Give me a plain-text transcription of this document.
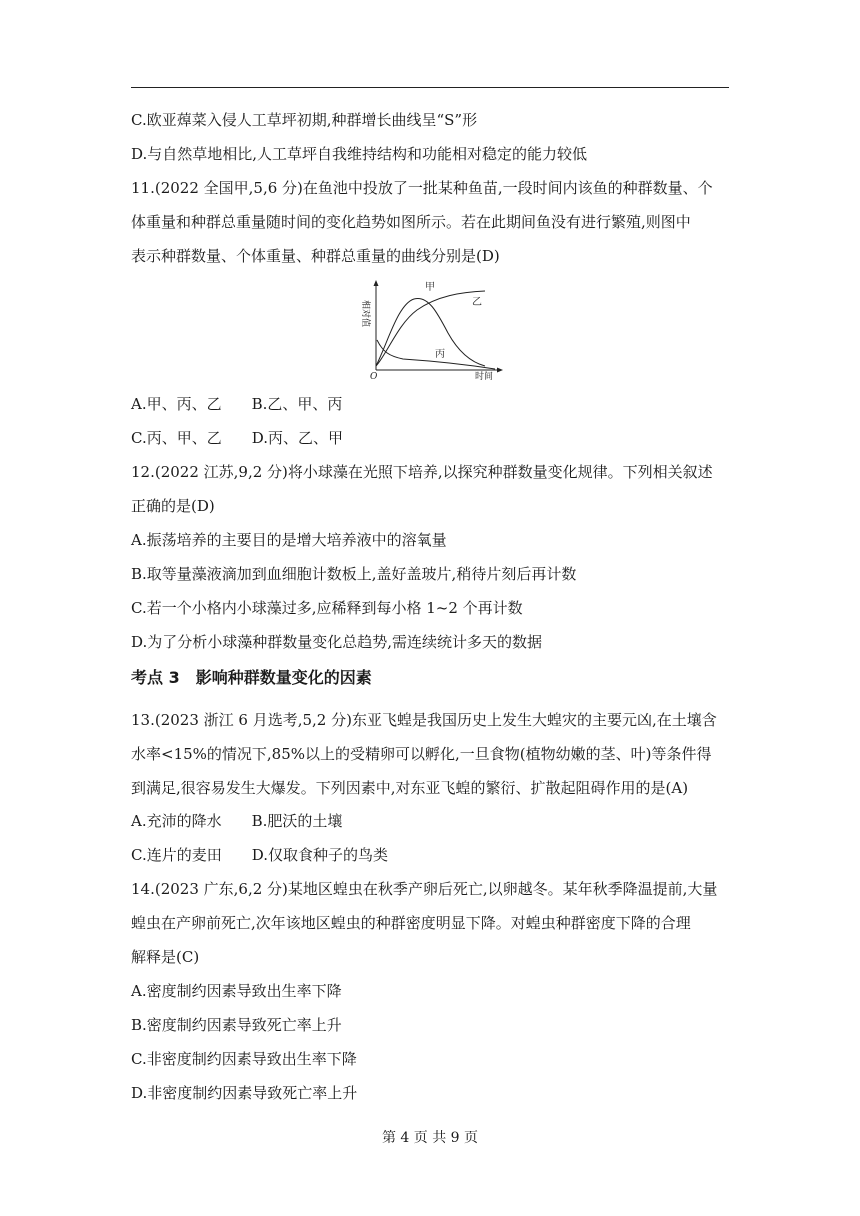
C.欧亚蔊菜入侵人工草坪初期,种群增长曲线呈“S”形
D.与自然草地相比,人工草坪自我维持结构和功能相对稳定的能力较低
11.(2022 全国甲,5,6 分)在鱼池中投放了一批某种鱼苗,一段时间内该鱼的种群数量、个
体重量和种群总重量随时间的变化趋势如图所示。若在此期间鱼没有进行繁殖,则图中
表示种群数量、个体重量、种群总重量的曲线分别是(D)
相对值
时间
O
甲
乙
丙
A.甲、丙、乙　　B.乙、甲、丙
C.丙、甲、乙　　D.丙、乙、甲
12.(2022 江苏,9,2 分)将小球藻在光照下培养,以探究种群数量变化规律。下列相关叙述
正确的是(D)
A.振荡培养的主要目的是增大培养液中的溶氧量
B.取等量藻液滴加到血细胞计数板上,盖好盖玻片,稍待片刻后再计数
C.若一个小格内小球藻过多,应稀释到每小格 1~2 个再计数
D.为了分析小球藻种群数量变化总趋势,需连续统计多天的数据
考点 3　影响种群数量变化的因素
13.(2023 浙江 6 月选考,5,2 分)东亚飞蝗是我国历史上发生大蝗灾的主要元凶,在土壤含
水率<15%的情况下,85%以上的受精卵可以孵化,一旦食物(植物幼嫩的茎、叶)等条件得
到满足,很容易发生大爆发。下列因素中,对东亚飞蝗的繁衍、扩散起阻碍作用的是(A)
A.充沛的降水　　B.肥沃的土壤
C.连片的麦田　　D.仅取食种子的鸟类
14.(2023 广东,6,2 分)某地区蝗虫在秋季产卵后死亡,以卵越冬。某年秋季降温提前,大量
蝗虫在产卵前死亡,次年该地区蝗虫的种群密度明显下降。对蝗虫种群密度下降的合理
解释是(C)
A.密度制约因素导致出生率下降
B.密度制约因素导致死亡率上升
C.非密度制约因素导致出生率下降
D.非密度制约因素导致死亡率上升
第 4 页 共 9 页
